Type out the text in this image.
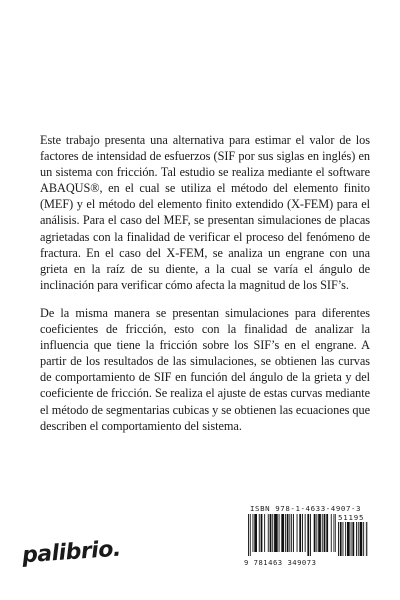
Este trabajo presenta una alternativa para estimar el valor de los factores de intensidad de esfuerzos (SIF por sus siglas en inglés) en un sistema con fricción. Tal estudio se realiza mediante el software ABAQUS®, en el cual se utiliza el método del elemento finito (MEF) y el método del elemento finito extendido (X-FEM) para el análisis. Para el caso del MEF, se presentan simulaciones de placas agrietadas con la finalidad de verificar el proceso del fenómeno de fractura. En el caso del X-FEM, se analiza un engrane con una grieta en la raíz de su diente, a la cual se varía el ángulo de inclinación para verificar cómo afecta la magnitud de los SIF’s.

De la misma manera se presentan simulaciones para diferentes coeficientes de fricción, esto con la finalidad de analizar la influencia que tiene la fricción sobre los SIF’s en el engrane. A partir de los resultados de las simulaciones, se obtienen las curvas de comportamiento de SIF en función del ángulo de la grieta y del coeficiente de fricción. Se realiza el ajuste de estas curvas mediante el método de segmentarias cubicas y se obtienen las ecuaciones que describen el comportamiento del sistema.

ISBN 978-1-4633-4907-3
51195
9 781463 349073
palibrio.
